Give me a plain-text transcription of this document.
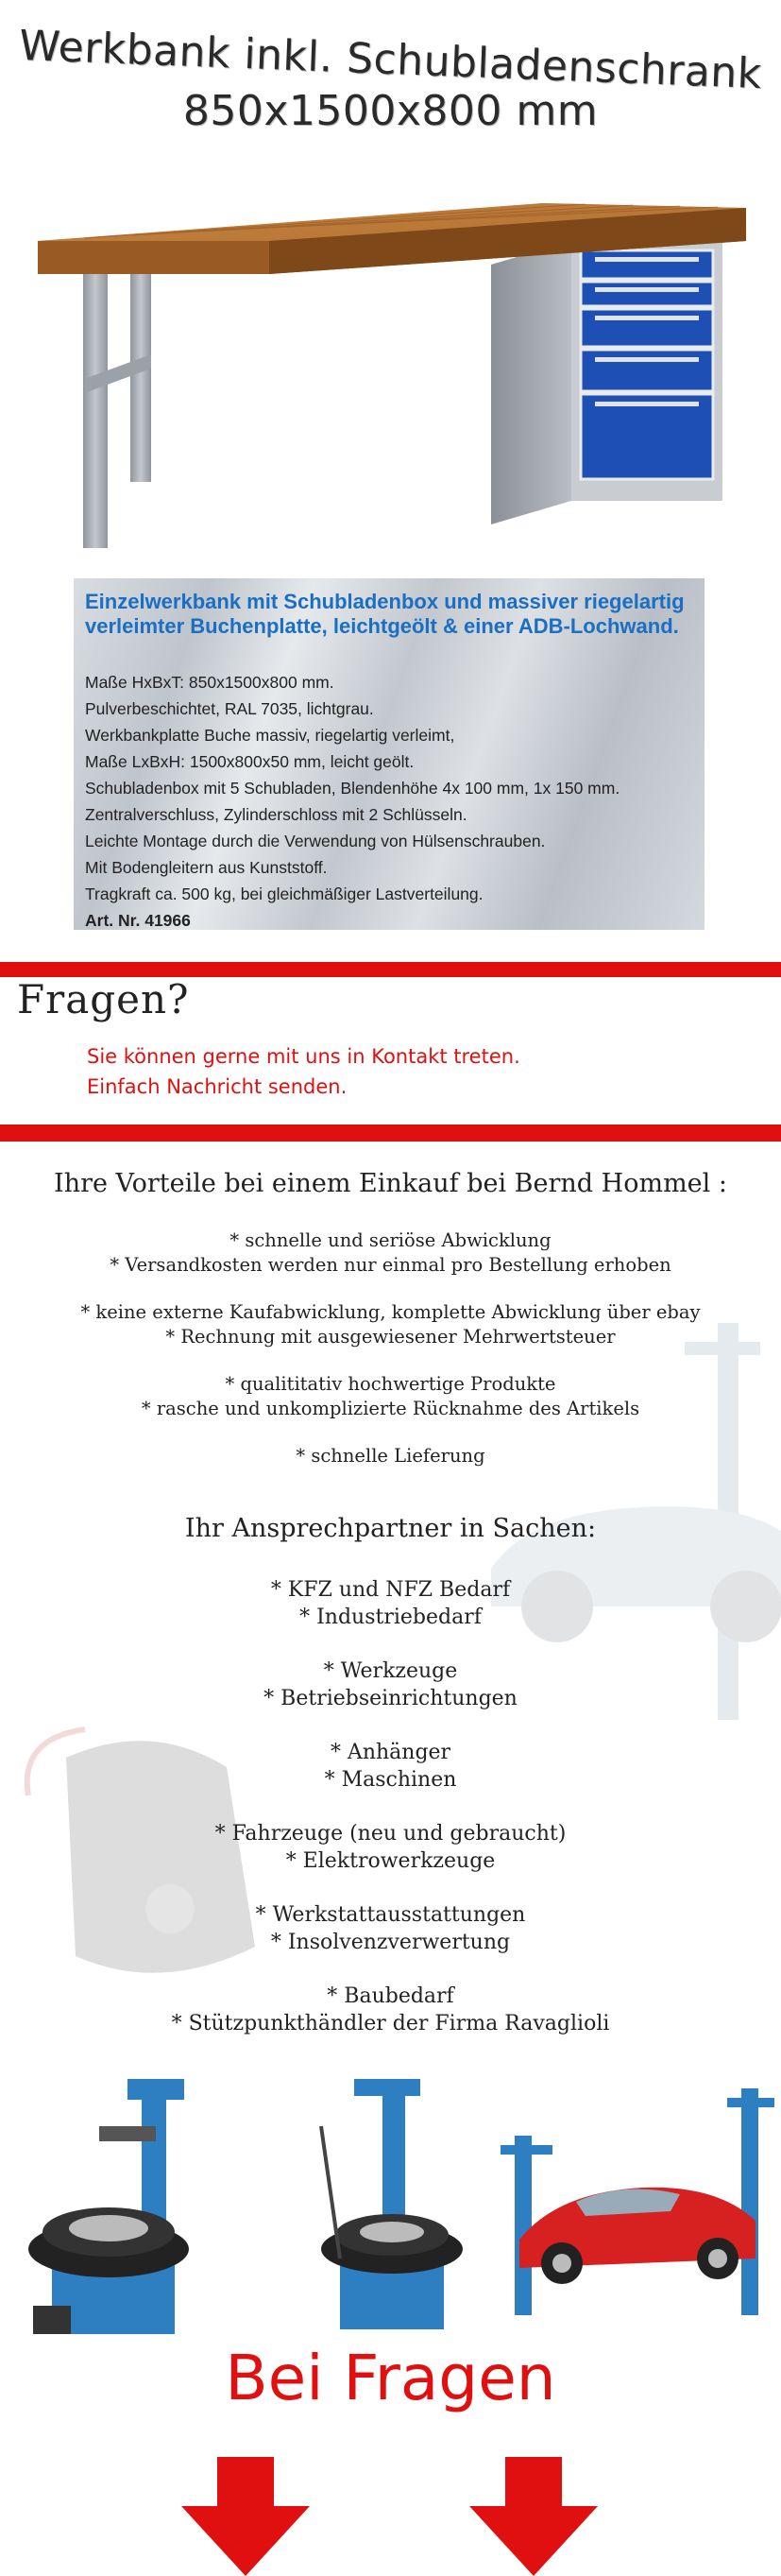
Werkbank inkl. Schubladenschrank
850x1500x800 mm
Einzelwerkbank mit Schubladenbox und massiver riegelartig verleimter Buchenplatte, leichtgeölt & einer ADB-Lochwand.
Maße HxBxT: 850x1500x800 mm.
Pulverbeschichtet, RAL 7035, lichtgrau.
Werkbankplatte Buche massiv, riegelartig verleimt,
Maße LxBxH: 1500x800x50 mm, leicht geölt.
Schubladenbox mit 5 Schubladen, Blendenhöhe 4x 100 mm, 1x 150 mm.
Zentralverschluss, Zylinderschloss mit 2 Schlüsseln.
Leichte Montage durch die Verwendung von Hülsenschrauben.
Mit Bodengleitern aus Kunststoff.
Tragkraft ca. 500 kg, bei gleichmäßiger Lastverteilung.
Art. Nr. 41966
Fragen?
Sie können gerne mit uns in Kontakt treten.
Einfach Nachricht senden.
Ihre Vorteile bei einem Einkauf bei Bernd Hommel :
* schnelle und seriöse Abwicklung
* Versandkosten werden nur einmal pro Bestellung erhoben
* keine externe Kaufabwicklung, komplette Abwicklung über ebay
* Rechnung mit ausgewiesener Mehrwertsteuer
* qualititativ hochwertige Produkte
* rasche und unkomplizierte Rücknahme des Artikels
* schnelle Lieferung
Ihr Ansprechpartner in Sachen:
* KFZ und NFZ Bedarf
* Industriebedarf
* Werkzeuge
* Betriebseinrichtungen
* Anhänger
* Maschinen
* Fahrzeuge (neu und gebraucht)
* Elektrowerkzeuge
* Werkstattausstattungen
* Insolvenzverwertung
* Baubedarf
* Stützpunkthändler der Firma Ravaglioli
Bei Fragen
